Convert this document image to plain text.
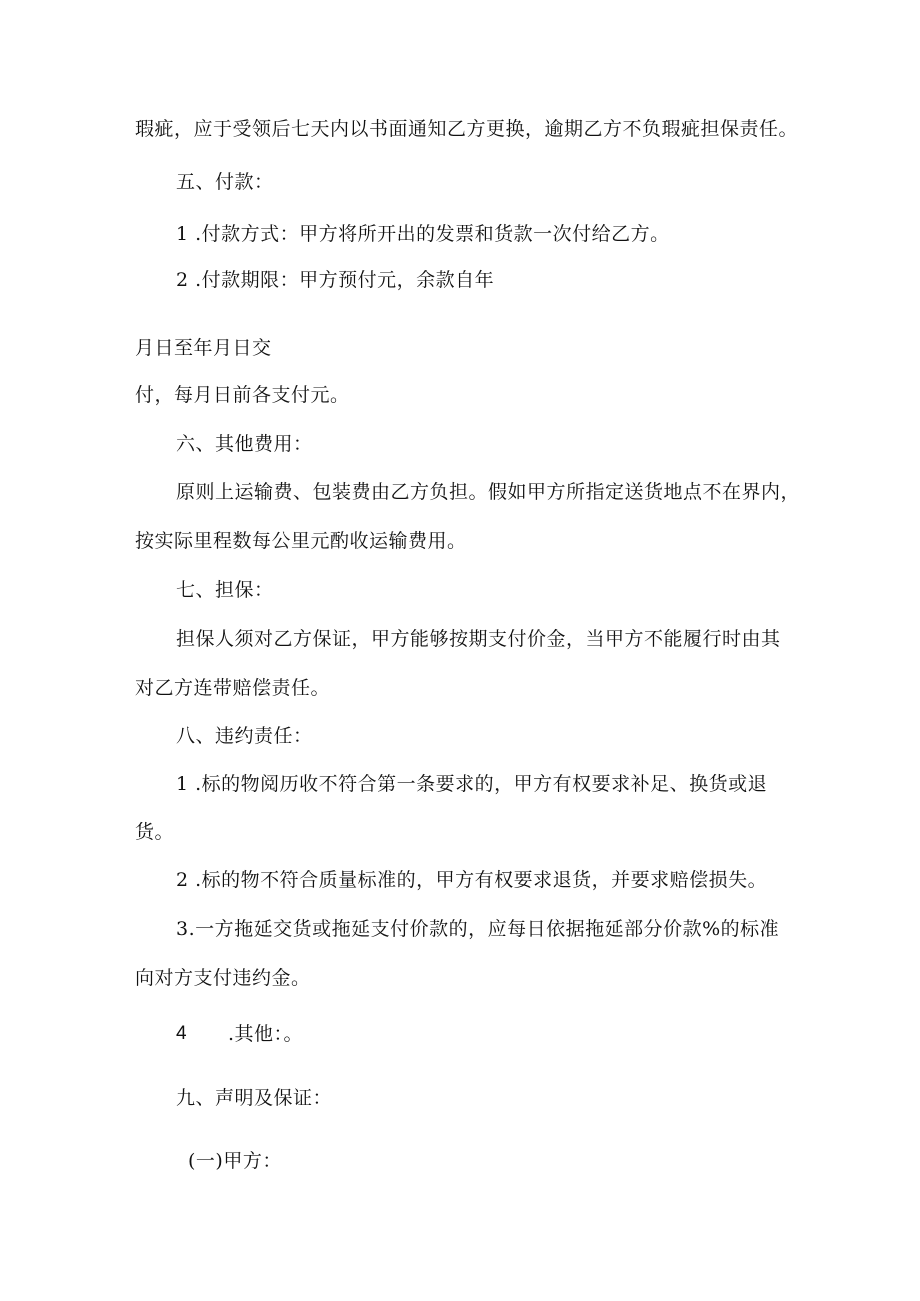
瑕疵，应于受领后七天内以书面通知乙方更换，逾期乙方不负瑕疵担保责任。

五、付款：

1 .付款方式：甲方将所开出的发票和货款一次付给乙方。

2 .付款期限：甲方预付元，余款自年

月日至年月日交

付，每月日前各支付元。

六、其他费用：

原则上运输费、包装费由乙方负担。假如甲方所指定送货地点不在界内，

按实际里程数每公里元酌收运输费用。

七、担保：

担保人须对乙方保证，甲方能够按期支付价金，当甲方不能履行时由其

对乙方连带赔偿责任。

八、违约责任：

1 .标的物阅历收不符合第一条要求的，甲方有权要求补足、换货或退

货。

2 .标的物不符合质量标准的，甲方有权要求退货，并要求赔偿损失。

3.一方拖延交货或拖延支付价款的，应每日依据拖延部分价款%的标准

向对方支付违约金。

4 .其他：。

九、声明及保证：

(一)甲方：
